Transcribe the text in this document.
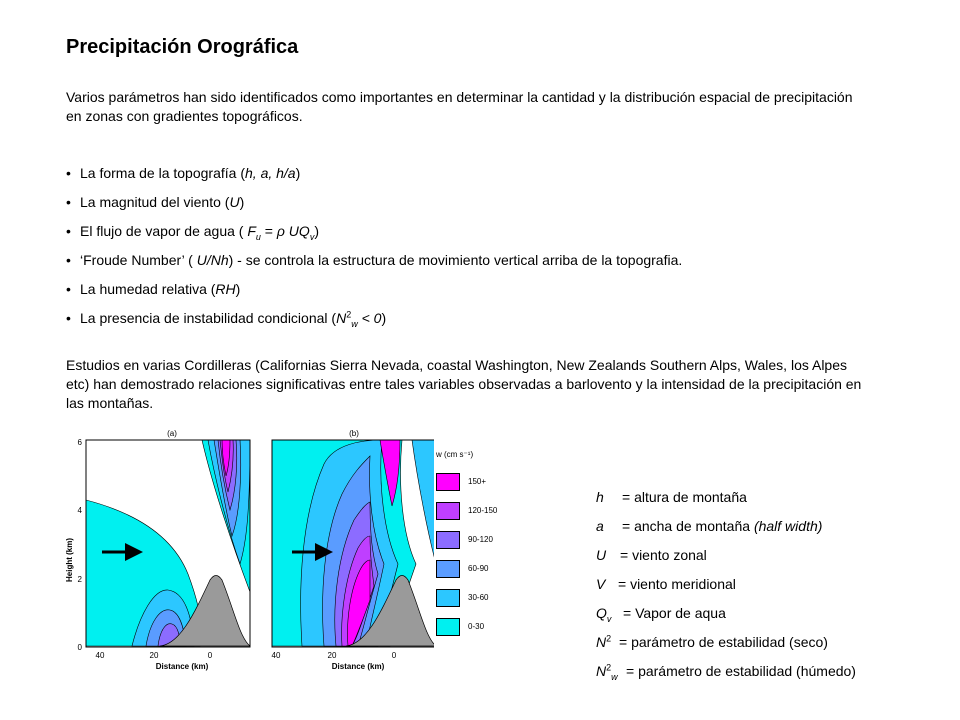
Precipitación Orográfica

Varios parámetros han sido identificados como importantes en determinar la cantidad y la distribución espacial de precipitación en zonas con gradientes topográficos.

• La forma de la topografía (h, a, h/a)
• La magnitud del viento (U)
• El flujo de vapor de agua ( $F_u = \rho$ $UQ_v$)
• ‘Froude Number’ ( U/Nh) - se controla la estructura de movimiento vertical arriba de la topografia.
• La humedad relativa (RH)
• La presencia de instabilidad condicional $(N^2_w < 0)$

Estudios en varias Cordilleras (Californias Sierra Nevada, coastal Washington, New Zealands Southern Alps, Wales, los Alpes etc) han demostrado relaciones significativas entre tales variables observadas a barlovento y la intensidad de la precipitación en las montañas.

(a)	(b)
Height (km)
0
2
4
6
40	20	0
Distance (km)
40	20	0
Distance (km)
w (cm s⁻¹)
150+
120-150
90-120
60-90
30-60
0-30
h = altura de montaña
a = ancha de montaña (half width)
U = viento zonal
V = viento meridional
$Q_v$ = Vapor de aqua
$N^2$ = parámetro de estabilidad (seco)
$N^2_w$ = parámetro de estabilidad (húmedo)
